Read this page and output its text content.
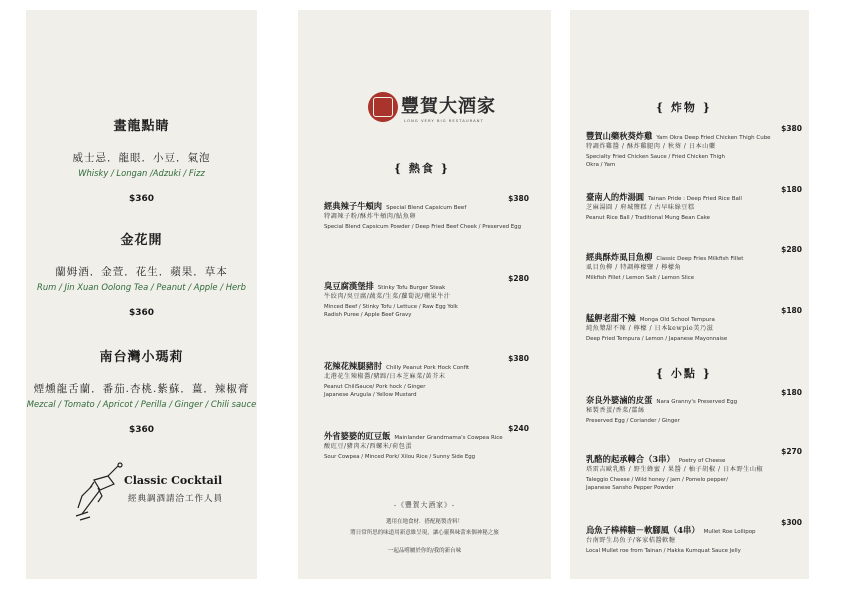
畫龍點睛
威士忌．龍眼．小豆．氣泡
Whisky / Longan /Adzuki / Fizz
$360
金花開
蘭姆酒．金萱．花生．蘋果．草本
Rum / Jin Xuan Oolong Tea / Peanut / Apple / Herb
$360
南台灣小瑪莉
煙燻龍舌蘭．番茄.杏桃.紫蘇．薑．辣椒膏
Mezcal / Tomato / Apricot / Perilla / Ginger / Chili sauce
$360
Classic Cocktail
經典調酒請洽工作人員
豐賀大酒家
LONG VERY BIG RESTAURANT
{ 熱食 }
經典辣子牛頰肉 Special Blend Capsicum Beef
$380
特調辣子粉/酥炸牛頰肉/鮎魚卵
Special Blend Capsicum Powder / Deep Fried Beef Cheek / Preserved Egg
臭豆腐漢堡排 Stinky Tofu Burger Steak
$280
牛絞肉/臭豆腐/蔬菜/生菜/蘿蔔泥/蘋果牛汁
Minced Beef / Stinky Tofu / Lettuce / Raw Egg Yolk
Radish Puree / Apple Beef Gravy
花辣花辣腿豬肘 Chilly Peanut Pork Hock Confit
$380
北港花生辣椒醬/豬蹄/日本芝麻菜/黃芥末
Peanut ChiliSauce/ Pork hock / Ginger
Japanese Arugula / Yellow Mustard
外省婆婆的豇豆飯 Mainlander Grandmama's Cowpea Rice
$240
酸豇豆/豬肉末/西螺米/荷包蛋
Sour Cowpea / Minced Pork/ Xilou Rice / Sunny Side Egg
-《豐賀大酒家》-
選用在地食材．搭配秘製香料！
將日常所思的味道用新意維呈現，讓心靈與味蕾來個神秘之旅
一起品嚐屬於你的/我的新台味
{ 炸物 }
豐賀山藥秋葵炸雞 Yam Okra Deep Fried Chicken Thigh Cube
$380
特調炸雞醬 / 酥炸雞腿肉 / 秋葵 / 日本山藥
Specialty Fried Chicken Sauce / Fried Chicken Thigh
Okra / Yam
臺南人的炸湯圓 Tainan Pride : Deep Fried Rice Ball
$180
芝麻湯圓 / 府城鹽糕 / 古早味綠豆糕
Peanut Rice Ball / Traditional Mung Bean Cake
經典酥炸虱目魚柳 Classic Deep Fries Milkfish Fillet
$280
虱目魚柳 / 特調檸檬鹽 / 檸檬角
Milkfish Fillet / Lemon Salt / Lemon Slice
艋舺老甜不辣 Monga Old School Tempura
$180
純魚漿甜不辣 / 檸檬 / 日本kewpie美乃滋
Deep Fried Tempura / Lemon / Japanese Mayonnaise
{ 小點 }
奈良外婆滷的皮蛋 Nara Granny's Preserved Egg
$180
秘製香蛋/香菜/薑絲
Preserved Egg / Coriander / Ginger
乳酪的起承轉合（3串） Poetry of Cheese
$270
塔雷吉歐乳酪 / 野生蜂蜜 / 果醬 / 柚子胡椒 / 日本野生山椒
Taleggio Cheese / Wild honey / jam / Pomelo pepper/
Japanese Sansho Pepper Powder
烏魚子棒棒糖－軟腳風（4串） Mullet Roe Lollipop
$300
台南野生烏魚子/客家桔醬軟糖
Local Mullet roe from Tainan / Hakka Kumquat Sauce Jelly
